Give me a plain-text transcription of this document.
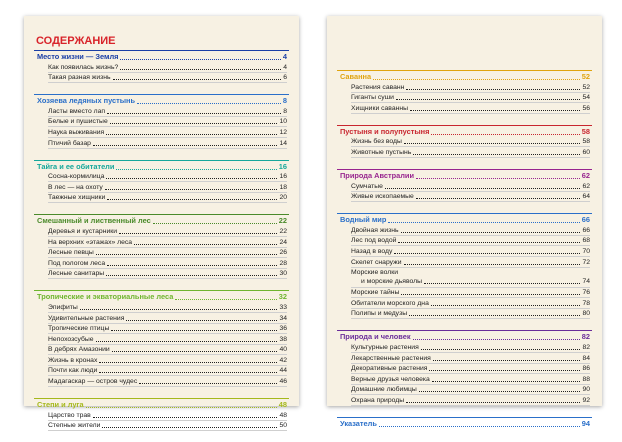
СОДЕРЖАНИЕ
Место жизни — Земля	4
Как появилась жизнь?	4
Такая разная жизнь	6
Хозяева ледяных пустынь	8
Ласты вместо лап	8
Белые и пушистые	10
Наука выживания	12
Птичий базар	14
Тайга и ее обитатели	16
Сосна-кормилица	16
В лес — на охоту	18
Таежные хищники	20
Смешанный и лиственный лес	22
Деревья и кустарники	22
На верхних «этажах» леса	24
Лесные певцы	26
Под пологом леса	28
Лесные санитары	30
Тропические и экваториальные леса	32
Эпифиты	33
Удивительные растения	34
Тропические птицы	36
Непохозсубые	38
В дебрях Амазонии	40
Жизнь в кронах	42
Почти как люди	44
Мадагаскар — остров чудес	46
Степи и луга	48
Царство трав	48
Степные жители	50
Саванна	52
Растения саванн	52
Гиганты суши	54
Хищники саванны	56
Пустыня и полупустыня	58
Жизнь без воды	58
Животные пустынь	60
Природа Австралии	62
Сумчатые	62
Живые ископаемые	64
Водный мир	66
Двойная жизнь	66
Лес под водой	68
Назад в воду	70
Скелет снаружи	72
Морские волки
и морские дьяволы	74
Морские тайны	76
Обитатели морского дна	78
Полипы и медузы	80
Природа и человек	82
Культурные растения	82
Лекарственные растения	84
Декоративные растения	86
Верные друзья человека	88
Домашние любимцы	90
Охрана природы	92
Указатель	94
